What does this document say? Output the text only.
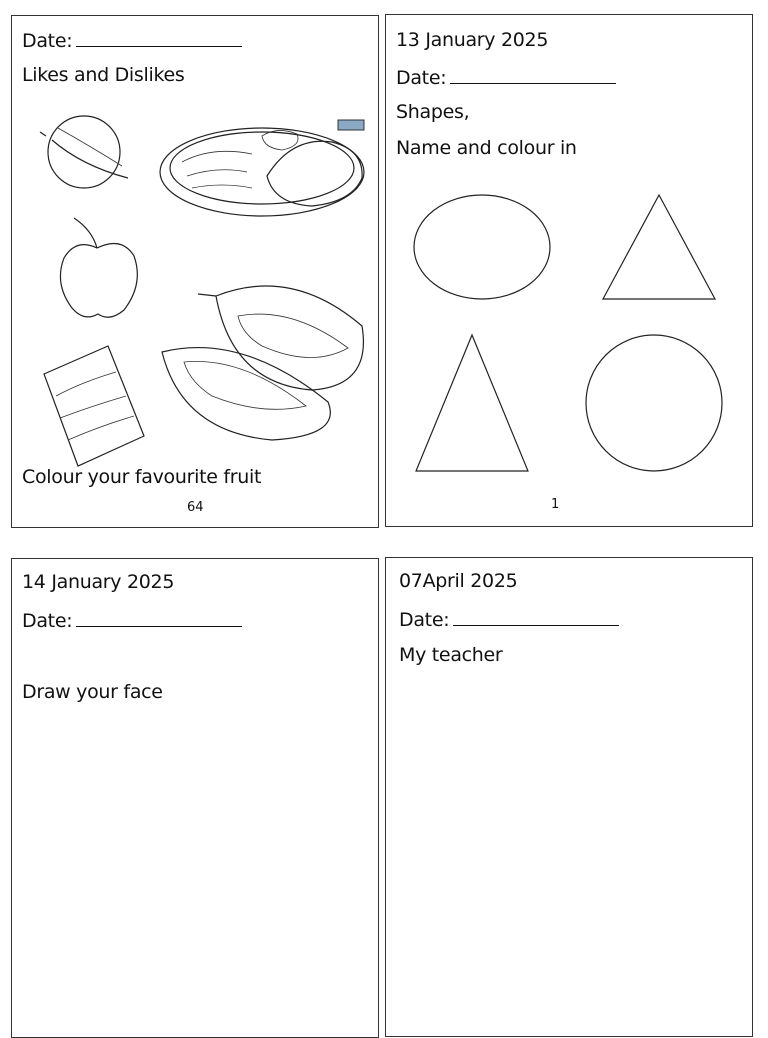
Date:
Likes and Dislikes
Colour your favourite fruit
64
13 January 2025
Date:
Shapes,
Name and colour in
1
14 January 2025
Date:
Draw your face
07April 2025
Date:
My teacher
